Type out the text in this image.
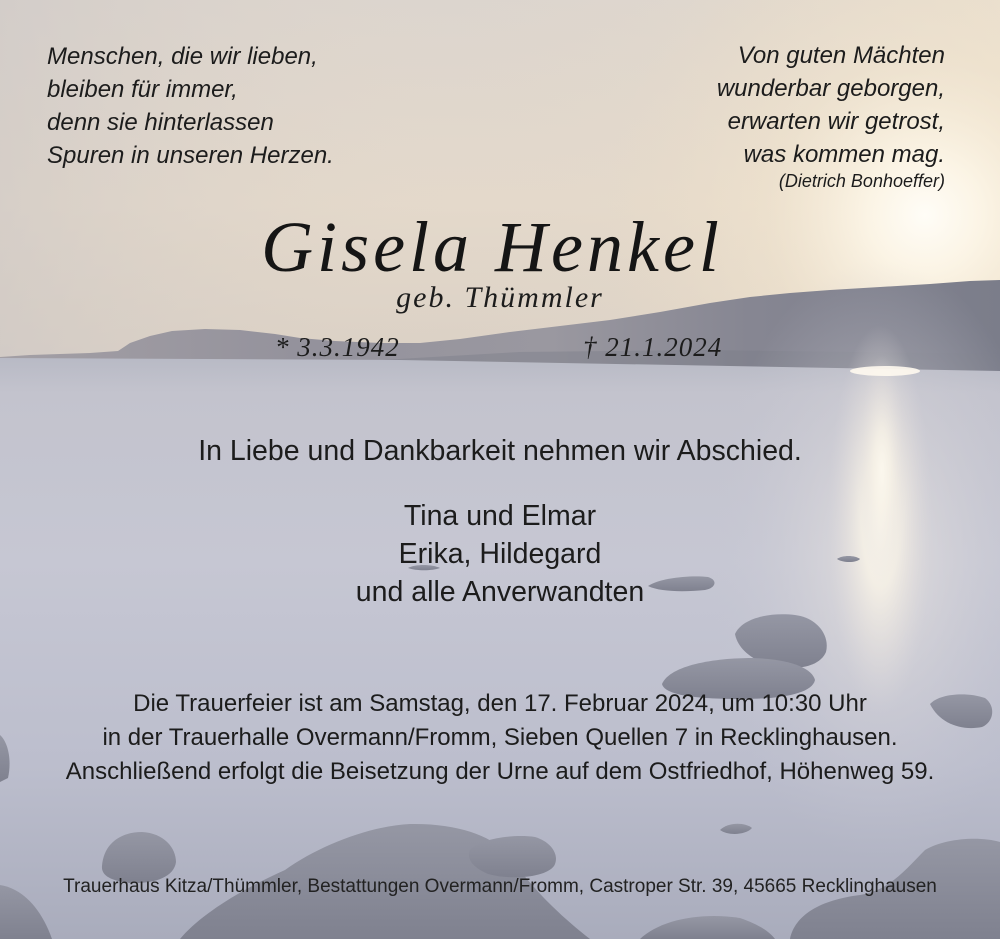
Menschen, die wir lieben,
bleiben für immer,
denn sie hinterlassen
Spuren in unseren Herzen.
Von guten Mächten
wunderbar geborgen,
erwarten wir getrost,
was kommen mag.
(Dietrich Bonhoeffer)
Gisela Henkel
geb. Thümmler
* 3.3.1942	† 21.1.2024
In Liebe und Dankbarkeit nehmen wir Abschied.
Tina und Elmar
Erika, Hildegard
und alle Anverwandten
Die Trauerfeier ist am Samstag, den 17. Februar 2024, um 10:30 Uhr
in der Trauerhalle Overmann/Fromm, Sieben Quellen 7 in Recklinghausen.
Anschließend erfolgt die Beisetzung der Urne auf dem Ostfriedhof, Höhenweg 59.
Trauerhaus Kitza/Thümmler, Bestattungen Overmann/Fromm, Castroper Str. 39, 45665 Recklinghausen
